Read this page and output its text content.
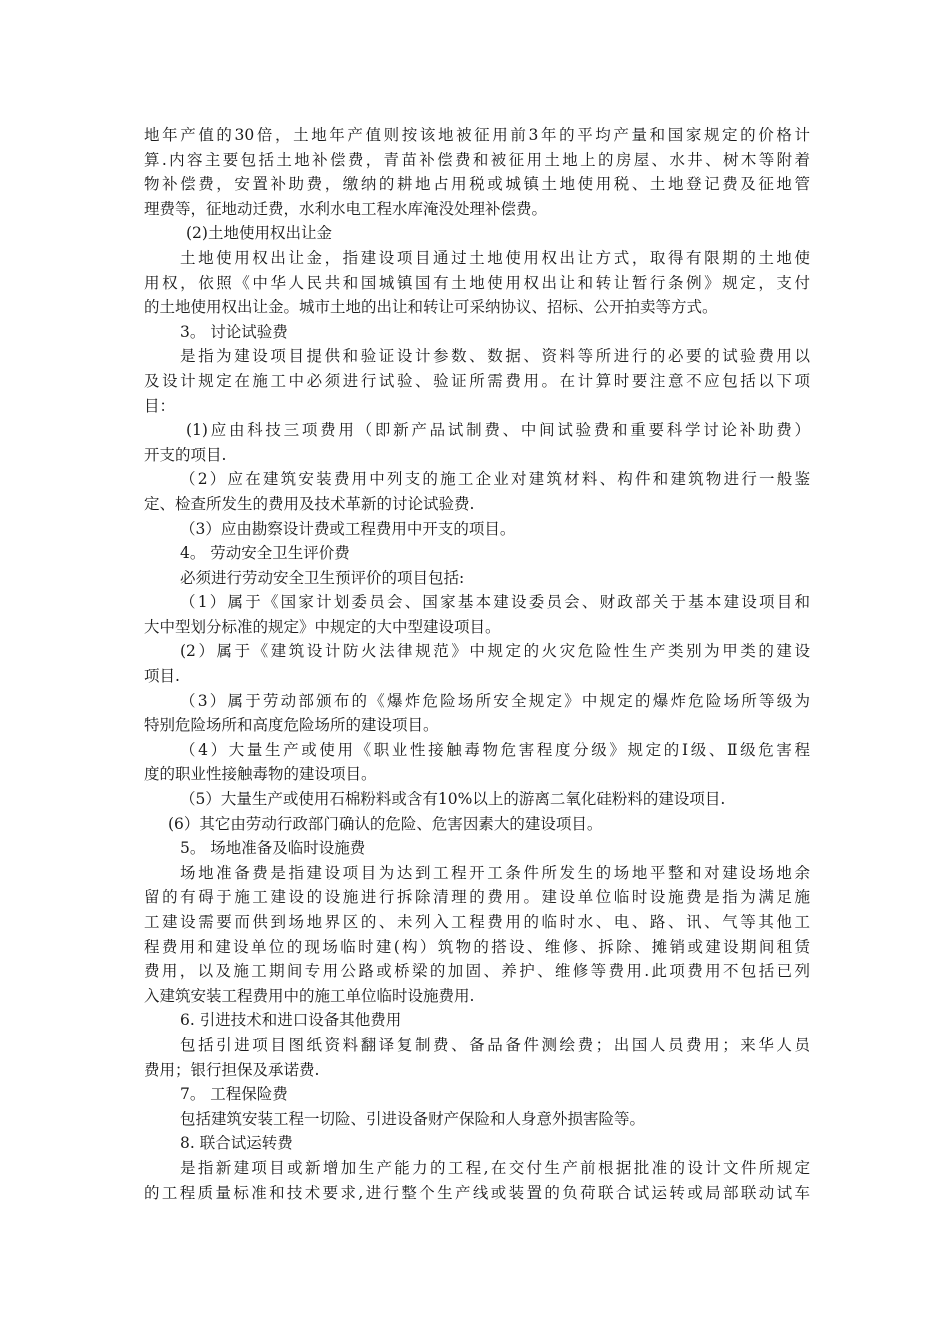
地年产值的30倍，土地年产值则按该地被征用前3年的平均产量和国家规定的价格计
算.内容主要包括土地补偿费，青苗补偿费和被征用土地上的房屋、水井、树木等附着
物补偿费，安置补助费，缴纳的耕地占用税或城镇土地使用税、土地登记费及征地管
理费等，征地动迁费，水利水电工程水库淹没处理补偿费。
(2)土地使用权出让金
土地使用权出让金，指建设项目通过土地使用权出让方式，取得有限期的土地使
用权，依照《中华人民共和国城镇国有土地使用权出让和转让暂行条例》规定，支付
的土地使用权出让金。城市土地的出让和转让可采纳协议、招标、公开拍卖等方式。
3。 讨论试验费
是指为建设项目提供和验证设计参数、数据、资料等所进行的必要的试验费用以
及设计规定在施工中必须进行试验、验证所需费用。在计算时要注意不应包括以下项
目：
(1)应由科技三项费用（即新产品试制费、中间试验费和重要科学讨论补助费）
开支的项目.
（2）应在建筑安装费用中列支的施工企业对建筑材料、构件和建筑物进行一般鉴
定、检查所发生的费用及技术革新的讨论试验费.
（3）应由勘察设计费或工程费用中开支的项目。
4。 劳动安全卫生评价费
必须进行劳动安全卫生预评价的项目包括:
（1）属于《国家计划委员会、国家基本建设委员会、财政部关于基本建设项目和
大中型划分标准的规定》中规定的大中型建设项目。
(2）属于《建筑设计防火法律规范》中规定的火灾危险性生产类别为甲类的建设
项目.
（3）属于劳动部颁布的《爆炸危险场所安全规定》中规定的爆炸危险场所等级为
特别危险场所和高度危险场所的建设项目。
（4）大量生产或使用《职业性接触毒物危害程度分级》规定的Ⅰ级、Ⅱ级危害程
度的职业性接触毒物的建设项目。
（5）大量生产或使用石棉粉料或含有10%以上的游离二氧化硅粉料的建设项目.
(6）其它由劳动行政部门确认的危险、危害因素大的建设项目。
5。 场地准备及临时设施费
场地准备费是指建设项目为达到工程开工条件所发生的场地平整和对建设场地余
留的有碍于施工建设的设施进行拆除清理的费用。建设单位临时设施费是指为满足施
工建设需要而供到场地界区的、未列入工程费用的临时水、电、路、讯、气等其他工
程费用和建设单位的现场临时建(构）筑物的搭设、维修、拆除、摊销或建设期间租赁
费用，以及施工期间专用公路或桥梁的加固、养护、维修等费用.此项费用不包括已列
入建筑安装工程费用中的施工单位临时设施费用.
6. 引进技术和进口设备其他费用
包括引进项目图纸资料翻译复制费、备品备件测绘费；出国人员费用；来华人员
费用；银行担保及承诺费.
7。 工程保险费
包括建筑安装工程一切险、引进设备财产保险和人身意外损害险等。
8. 联合试运转费
是指新建项目或新增加生产能力的工程,在交付生产前根据批准的设计文件所规定
的工程质量标准和技术要求,进行整个生产线或装置的负荷联合试运转或局部联动试车
